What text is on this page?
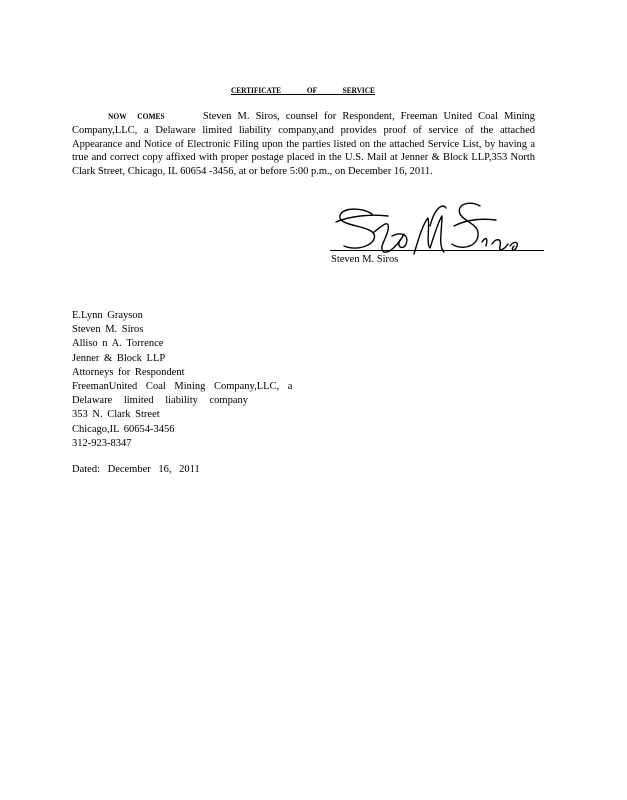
CERTIFICATE OF SERVICE
NOW COMES	Steven M. Siros, counsel for Respondent, Freeman United Coal Mining Company,LLC, a Delaware limited liability company,and provides proof of service of the attached Appearance and Notice of Electronic Filing upon the parties listed on the attached Service List, by having a true and correct copy affixed with proper postage placed in the U.S. Mail at Jenner & Block LLP,353 North Clark Street, Chicago, IL 60654 -3456, at or before 5:00 p.m., on December 16, 2011.
Steven M. Siros
E.Lynn Grayson
Steven M. Siros
Alliso n A. Torrence
Jenner & Block LLP
Attorneys for Respondent
FreemanUnited Coal Mining Company,LLC, a
Delaware limited liability company
353 N. Clark Street
Chicago,IL 60654-3456
312-923-8347
Dated: December 16, 2011
